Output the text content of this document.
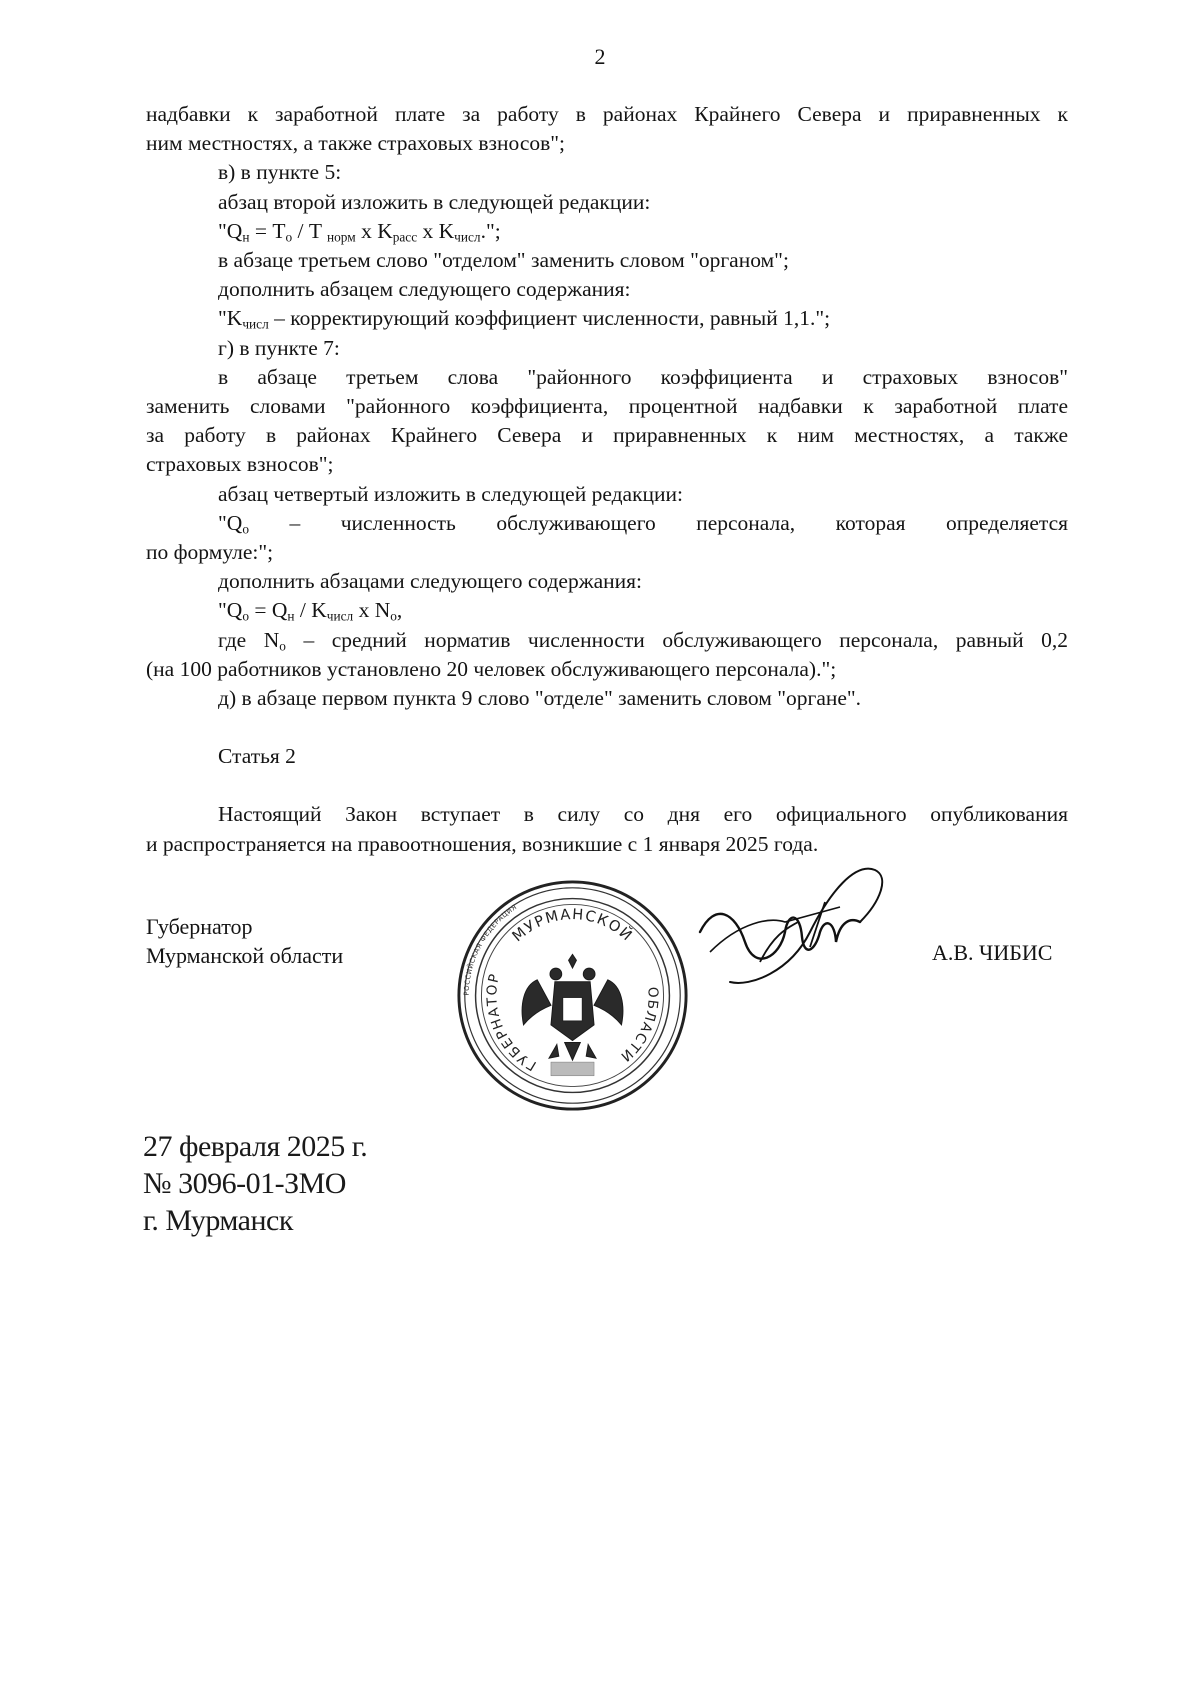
2

надбавки к заработной плате за работу в районах Крайнего Севера и приравненных к

ним местностях, а также страховых взносов";

в) в пункте 5:

абзац второй изложить в следующей редакции:

"$Q_н = T_о / T$ $_{норм}$ x $K_{расс}$ x $K_{числ}$.";

в абзаце третьем слово "отделом" заменить словом "органом";

дополнить абзацем следующего содержания:

"$K_{числ}$ – корректирующий коэффициент численности, равный 1,1.";

г) в пункте 7:

в абзаце третьем слова "районного коэффициента и страховых взносов"

заменить словами "районного коэффициента, процентной надбавки к заработной плате

за работу в районах Крайнего Севера и приравненных к ним местностях, а также

страховых взносов";

абзац четвертый изложить в следующей редакции:

"$Q_о$ – численность обслуживающего персонала, которая определяется

по формуле:";

дополнить абзацами следующего содержания:

"$Q_о = Q_н / K_{числ}$ x $N_о$,

где $N_о$ – средний норматив численности обслуживающего персонала, равный 0,2

(на 100 работников установлено 20 человек обслуживающего персонала).";

д) в абзаце первом пункта 9 слово "отделе" заменить словом "органе".

Статья 2

Настоящий Закон вступает в силу со дня его официального опубликования

и распространяется на правоотношения, возникшие с 1 января 2025 года.

Губернатор
Мурманской области
РОССИЙСКАЯ ФЕДЕРАЦИЯ
МУРМАНСКОЙ
ГУБЕРНАТОР
ОБЛАСТИ
А.В. ЧИБИС
27 февраля 2025 г.
№ 3096-01-ЗМО
г. Мурманск
